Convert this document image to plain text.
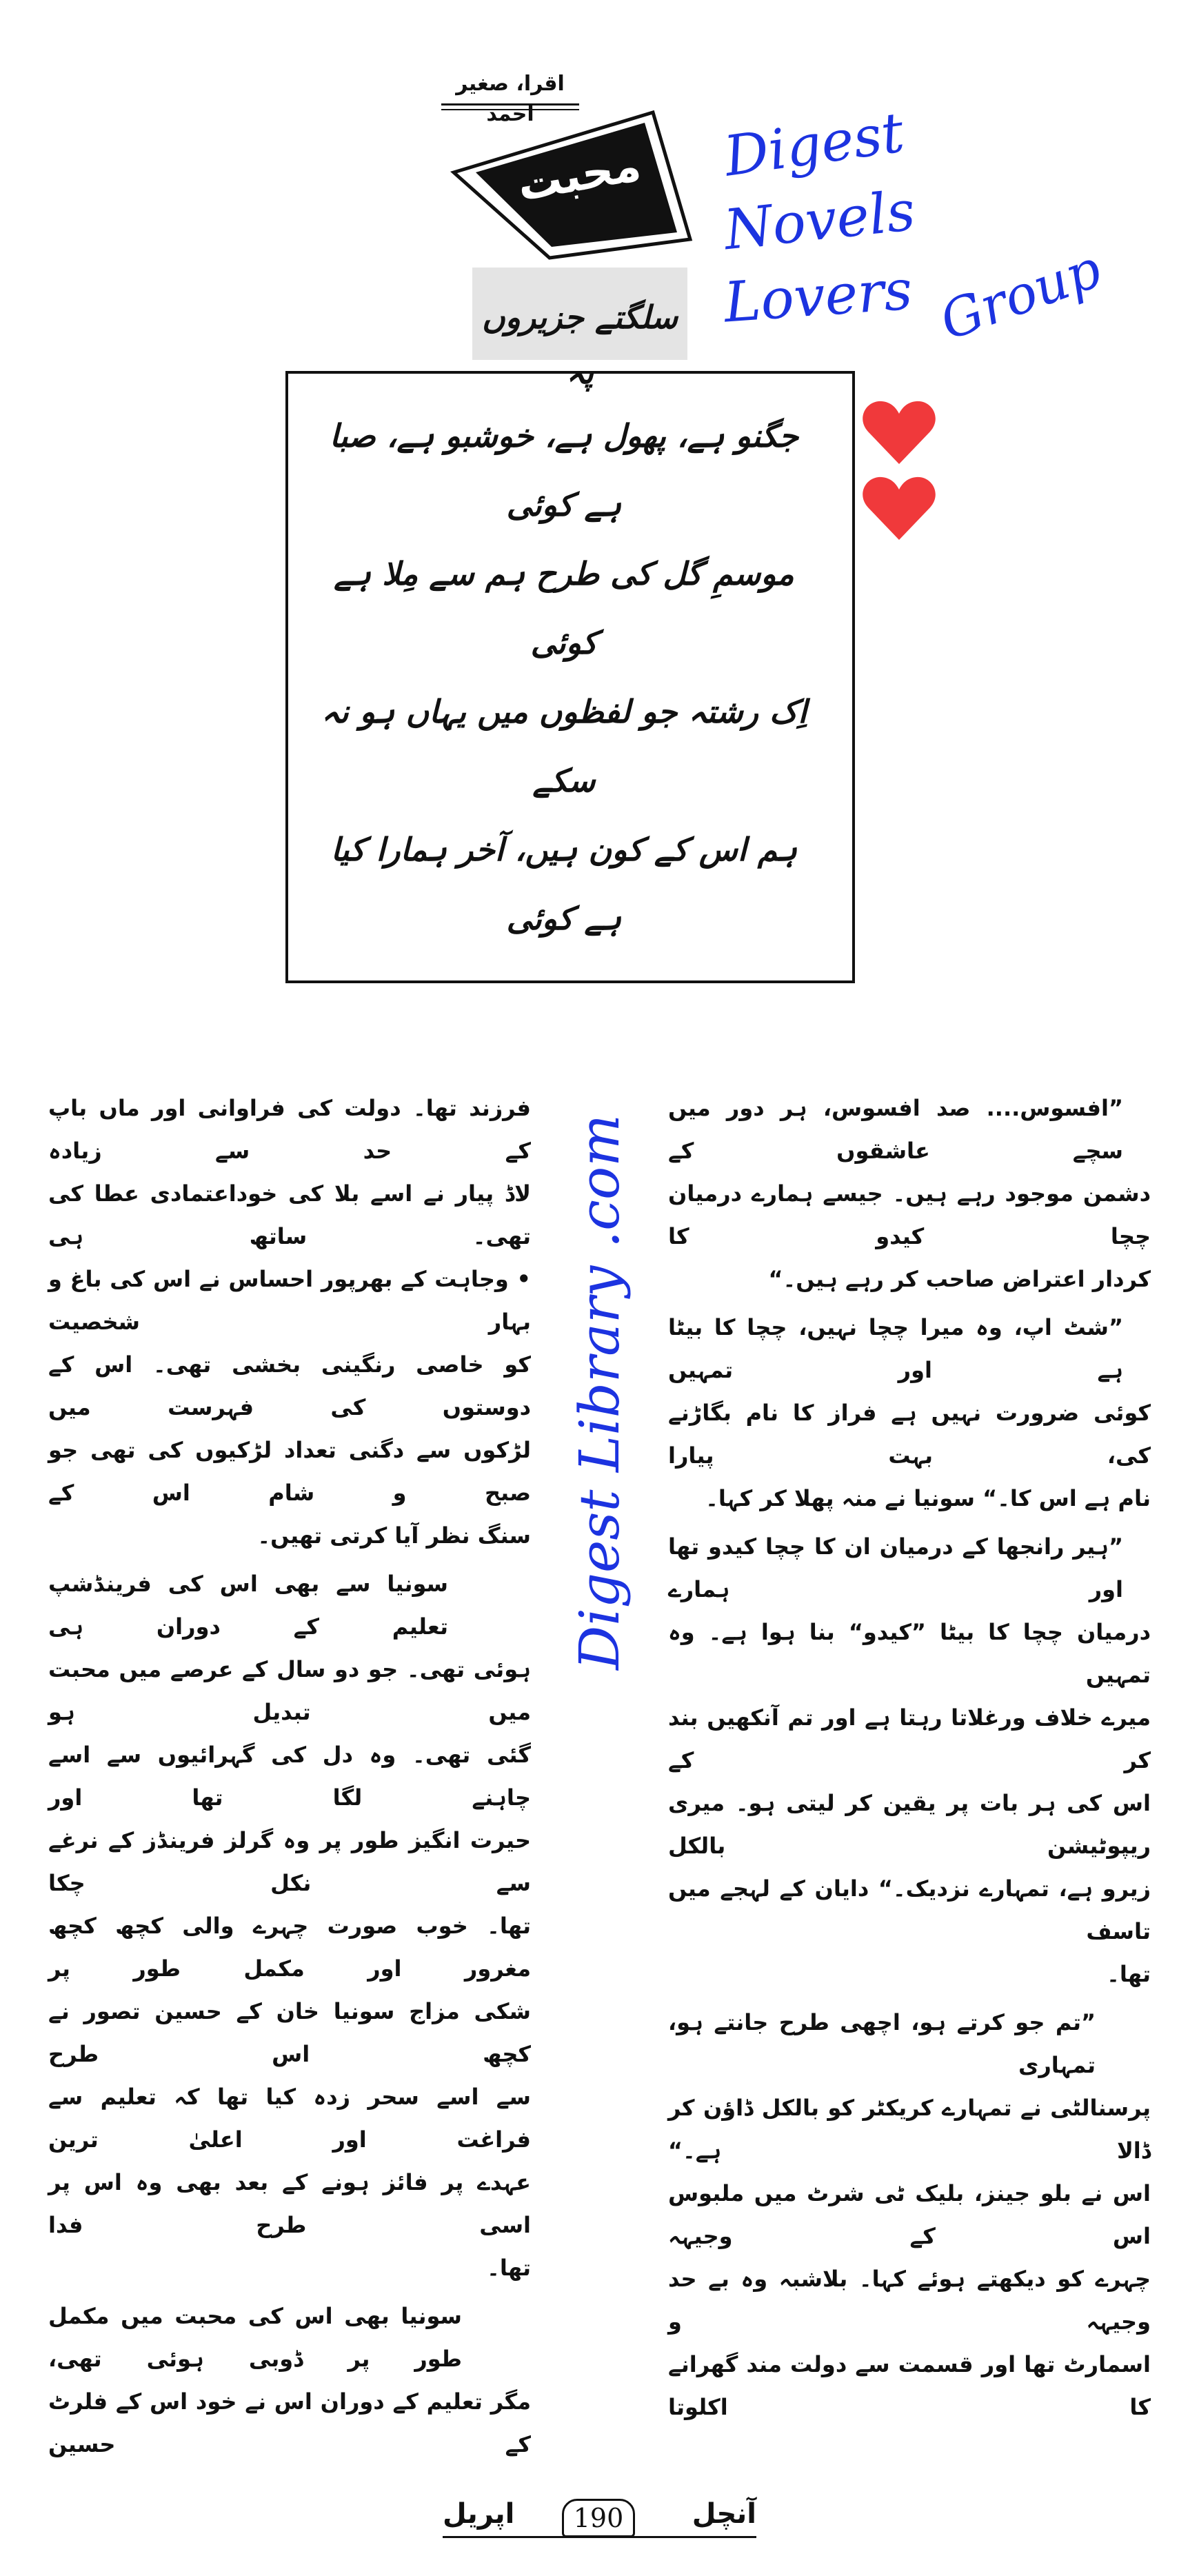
اقرا، صغیر احمد
محبت
سلگتے جزیروں پہ
Digest
Novels
Lovers Group
جگنو ہے، پھول ہے، خوشبو ہے، صبا ہے کوئی
موسمِ گل کی طرح ہم سے مِلا ہے کوئی
اِک رشتہ جو لفظوں میں یہاں ہو نہ سکے
ہم اس کے کون ہیں، آخر ہمارا کیا ہے کوئی
”افسوس.... صد افسوس، ہر دور میں سچے عاشقوں کے
دشمن موجود رہے ہیں۔ جیسے ہمارے درمیان چچا کیدو کا
کردار اعتراض صاحب کر رہے ہیں۔“
”شٹ اپ، وہ میرا چچا نہیں، چچا کا بیٹا ہے اور تمہیں
کوئی ضرورت نہیں ہے فراز کا نام بگاڑنے کی، بہت پیارا
نام ہے اس کا۔“ سونیا نے منہ پھلا کر کہا۔
”ہیر رانجھا کے درمیان ان کا چچا کیدو تھا اور ہمارے
درمیان چچا کا بیٹا ”کیدو“ بنا ہوا ہے۔ وہ تمہیں
میرے خلاف ورغلاتا رہتا ہے اور تم آنکھیں بند کر کے
اس کی ہر بات پر یقین کر لیتی ہو۔ میری ریپوٹیشن بالکل
زیرو ہے، تمہارے نزدیک۔“ دایان کے لہجے میں تاسف
تھا۔
”تم جو کرتے ہو، اچھی طرح جانتے ہو، تمہاری
پرسنالٹی نے تمہارے کریکٹر کو بالکل ڈاؤن کر ڈالا ہے۔“
اس نے بلو جینز، بلیک ٹی شرٹ میں ملبوس اس کے وجیہہ
چہرے کو دیکھتے ہوئے کہا۔ بلاشبہ وہ بے حد وجیہہ و
اسمارٹ تھا اور قسمت سے دولت مند گھرانے کا اکلوتا
Digest Library .com
فرزند تھا۔ دولت کی فراوانی اور ماں باپ کے حد سے زیادہ
لاڈ پیار نے اسے بلا کی خوداعتمادی عطا کی تھی۔ ساتھ ہی
• وجاہت کے بھرپور احساس نے اس کی باغ و بہار شخصیت
کو خاصی رنگینی بخشی تھی۔ اس کے دوستوں کی فہرست میں
لڑکوں سے دگنی تعداد لڑکیوں کی تھی جو صبح و شام اس کے
سنگ نظر آیا کرتی تھیں۔
سونیا سے بھی اس کی فرینڈشپ تعلیم کے دوران ہی
ہوئی تھی۔ جو دو سال کے عرصے میں محبت میں تبدیل ہو
گئی تھی۔ وہ دل کی گہرائیوں سے اسے چاہنے لگا تھا اور
حیرت انگیز طور پر وہ گرلز فرینڈز کے نرغے سے نکل چکا
تھا۔ خوب صورت چہرے والی کچھ کچھ مغرور اور مکمل طور پر
شکی مزاج سونیا خان کے حسین تصور نے کچھ اس طرح
سے اسے سحر زدہ کیا تھا کہ تعلیم سے فراغت اور اعلیٰ ترین
عہدے پر فائز ہونے کے بعد بھی وہ اس پر اسی طرح فدا
تھا۔
سونیا بھی اس کی محبت میں مکمل طور پر ڈوبی ہوئی تھی،
مگر تعلیم کے دوران اس نے خود اس کے فلرٹ کے حسین
آنچل
190
اپریل
